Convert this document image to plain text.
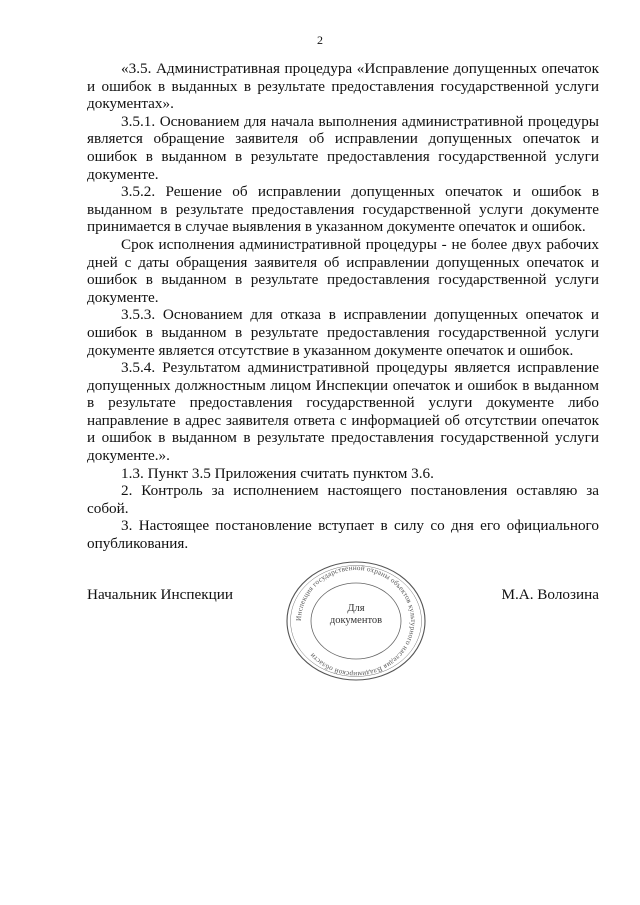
2

«3.5. Административная процедура «Исправление допущенных опечаток и ошибок в выданных в результате предоставления государственной услуги документах».

3.5.1. Основанием для начала выполнения административной процедуры является обращение заявителя об исправлении допущенных опечаток и ошибок в выданном в результате предоставления государственной услуги документе.

3.5.2. Решение об исправлении допущенных опечаток и ошибок в выданном в результате предоставления государственной услуги документе принимается в случае выявления в указанном документе опечаток и ошибок.

Срок исполнения административной процедуры - не более двух рабочих дней с даты обращения заявителя об исправлении допущенных опечаток и ошибок в выданном в результате предоставления государственной услуги документе.

3.5.3. Основанием для отказа в исправлении допущенных опечаток и ошибок в выданном в результате предоставления государственной услуги документе является отсутствие в указанном документе опечаток и ошибок.

3.5.4. Результатом административной процедуры является исправление допущенных должностным лицом Инспекции опечаток и ошибок в выданном в результате предоставления государственной услуги документе либо направление в адрес заявителя ответа с информацией об отсутствии опечаток и ошибок в выданном в результате предоставления государственной услуги документе.».

1.3. Пункт 3.5 Приложения считать пунктом 3.6.

2. Контроль за исполнением настоящего постановления оставляю за собой.

3. Настоящее постановление вступает в силу со дня его официального опубликования.

Начальник Инспекции	М.А. Волозина
Инспекция государственной охраны объектов культурного наследия Владимирской области
Для
документов
